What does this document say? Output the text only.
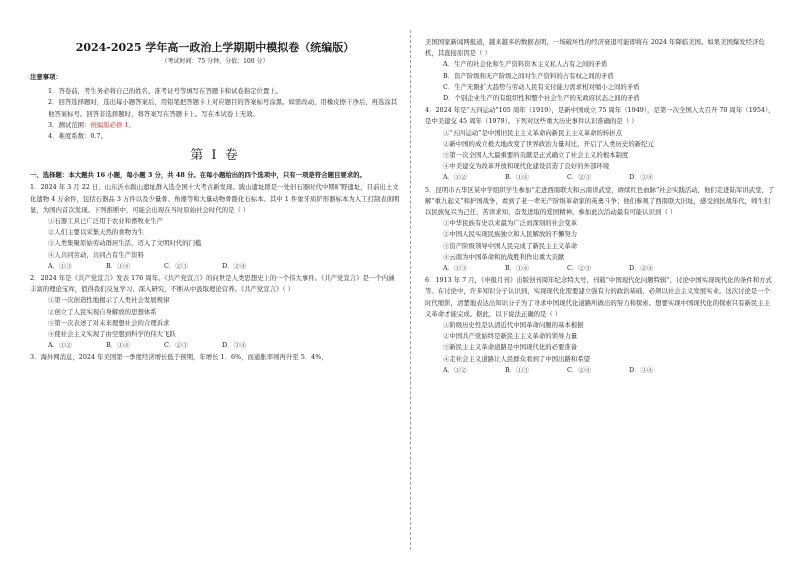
2024-2025 学年高一政治上学期期中模拟卷（统编版）
（考试时间：75 分钟，分值：100 分）
注意事项：
1．答卷前，考生务必将自己的姓名、准考证号等填写在答题卡和试卷指定位置上。
2．回答选择题时，选出每小题答案后，用铅笔把答题卡上对应题目的答案标号涂黑。如需改动，用橡皮擦干净后，再选涂其他答案标号。回答非选择题时，将答案写在答题卡上。写在本试卷上无效。
3．测试范围：统编版必修 1。
4．难度系数：0.7。
第 I 卷
一、选择题：本大题共 16 小题，每小题 3 分，共 48 分。在每小题给出的四个选项中，只有一项是符合题目要求的。
1．2024 年 3 月 22 日，山东沂水跋山遗址群入选全国十大考古新发现。跋山遗址群是一处旧石器时代中期旷野遗址，目前出土文化遗物 4 万余件，包括石器品 3 万件以及少量骨、角器等和大量动物骨骼化石标本。其中 1 件象牙质铲形器标本为人工打制表面明显，为国内首次发现。下列推断中，可能会出现在当时原始社会时代的是（ ）
①石器工具已广泛用于农业和畜牧业生产
②人们主要以采集天然的食物为生
③人类集聚原始劳动群居生活，迈入了文明时代的门槛
④人共同劳动，共同占有生产资料
A．①③	B．①④	C．②③	D．②④
2．2024 年是《共产党宣言》发表 176 周年。《共产党宣言》的问世是人类思想史上的一个伟大事件。《共产党宣言》是一个内涵丰富的理论宝库，值得我们反复学习、深入研究，不断从中汲取理论营养。《共产党宣言》（ ）
①第一次创造性地揭示了人类社会发展规律
②创立了人民实现自身解放的思想体系
③第一次表述了对未来理想社会的合理诉求
④使社会主义实现了由空想到科学的伟大飞跃
A．①②	B．①④	C．②③	D．③④
3．海外网消息，2024 年美国第一季度经济增长低于预期，年增长 1．6%，而通胀率则再升至 5．4%，
美国国家新闻网报道，越来越多的数据表明，一场破坏性的经济衰退可能即将在 2024 年降临美国。如果美国爆发经济危机，其直接原因是（ ）
A．生产的社会化和生产资料资本主义私人占有之间的矛盾
B．资产阶级和无产阶级之间对生产资料的占有权之间的矛盾
C．生产无限扩大趋势与劳动人民有支付能力需求相对缩小之间的矛盾
D．个别企业生产的有组织性和整个社会生产的无政府状态之间的矛盾
4．2024 年是“五四运动”105 周年（1919），是新中国成立 75 周年（1949），是第一次全国人大召开 70 周年（1954），是中美建交 45 周年（1979）。下列对这些重大历史事件认识准确的是（ ）
①“五四运动”是中国旧民主主义革命向新民主主义革命的转折点
②新中国的成立极大地改变了世界政治力量对比，开启了人类历史的新纪元
③第一次全国人大最重要的贡献是正式确立了社会主义的根本制度
④中美建交为改革开放和现代化建设营造了良好的外部环境
A．①②	B．①④	C．②③	D．③④
5．昆明市五华区某中学组织学生参加“走进西南联大和云南讲武堂，赓续红色血脉”社会实践活动，他们走进陆军讲武堂，了解“重九起义”和护国战争，看到了老一辈无产阶级革命家的英勇斗争；他们参观了西南联大旧址，感受到抗战年代，师生们以民族复兴为己任，苦读求知，奋发进取的爱国精神。参加此次活动最有可能认识到（ ）
①中华民族有史以来最为广泛而深刻的社会变革
②中国人民实现民族独立和人民解放的不懈努力
③资产阶级领导中国人民完成了新民主主义革命
④云南为中国革命和抗战胜利作出重大贡献
A．①③	B．①④	C．②③	D．②④
6．1913 年 7 月，《申报月刊》出版创刊周年纪念特大号，刊载“中国现代化问题特辑”，讨论中国实现现代化的条件和方式等。在讨论中，许多知识分子认识到，实现现代化需要建立强有力的政治基础，必须以社会主义发展实业。这次讨论是一个时代缩影，清楚地表达出知识分子为了寻求中国现代化道路所做出的努力和探索。想要实现中国现代化的探索只有新民主主义革命才能完成。据此，以下说法正确的是（ ）
①阶级历史性是认清近代中国革命问题的基本根据
②中国共产党始终是新民主主义革命的领导力量
③新民主主义革命道路是中国现代化的必要准备
④走社会主义道路让人民群众看到了中国出路和希望
A．①②	B．①③	C．②④	D．③④
